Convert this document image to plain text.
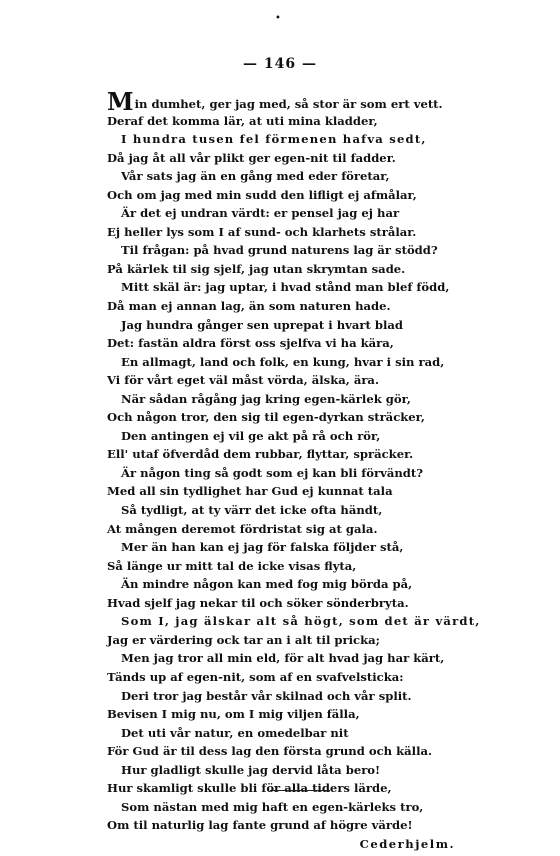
•
— 146 —
Min dumhet, ger jag med, så stor är som ert vett.
Deraf det komma lär, at uti mina kladder,
I hundra tusen fel förmenen hafva sedt,
Då jag åt all vår plikt ger egen-nit til fadder.
Vår sats jag än en gång med eder företar,
Och om jag med min sudd den lifligt ej afmålar,
Är det ej undran värdt: er pensel jag ej har
Ej heller lys som I af sund- och klarhets strålar.
Til frågan: på hvad grund naturens lag är stödd?
På kärlek til sig sjelf, jag utan skrymtan sade.
Mitt skäl är: jag uptar, i hvad stånd man blef född,
Då man ej annan lag, än som naturen hade.
Jag hundra gånger sen uprepat i hvart blad
Det: fastän aldra först oss sjelfva vi ha kära,
En allmagt, land och folk, en kung, hvar i sin rad,
Vi för vårt eget väl måst vörda, älska, ära.
När sådan rågång jag kring egen-kärlek gör,
Och någon tror, den sig til egen-dyrkan sträcker,
Den antingen ej vil ge akt på rå och rör,
Ell' utaf öfverdåd dem rubbar, flyttar, spräcker.
Är någon ting så godt som ej kan bli förvändt?
Med all sin tydlighet har Gud ej kunnat tala
Så tydligt, at ty värr det icke ofta händt,
At mången deremot fördristat sig at gala.
Mer än han kan ej jag för falska följder stå,
Så länge ur mitt tal de icke visas flyta,
Än mindre någon kan med fog mig börda på,
Hvad sjelf jag nekar til och söker sönderbryta.
Som I, jag älskar alt så högt, som det är värdt,
Jag er värdering ock tar an i alt til pricka;
Men jag tror all min eld, för alt hvad jag har kärt,
Tänds up af egen-nit, som af en svafvelsticka:
Deri tror jag består vår skilnad och vår split.
Bevisen I mig nu, om I mig viljen fälla,
Det uti vår natur, en omedelbar nit
För Gud är til dess lag den första grund och källa.
Hur gladligt skulle jag dervid låta bero!
Hur skamligt skulle bli för alla tiders lärde,
Som nästan med mig haft en egen-kärleks tro,
Om til naturlig lag fante grund af högre värde!
Cederhjelm.
